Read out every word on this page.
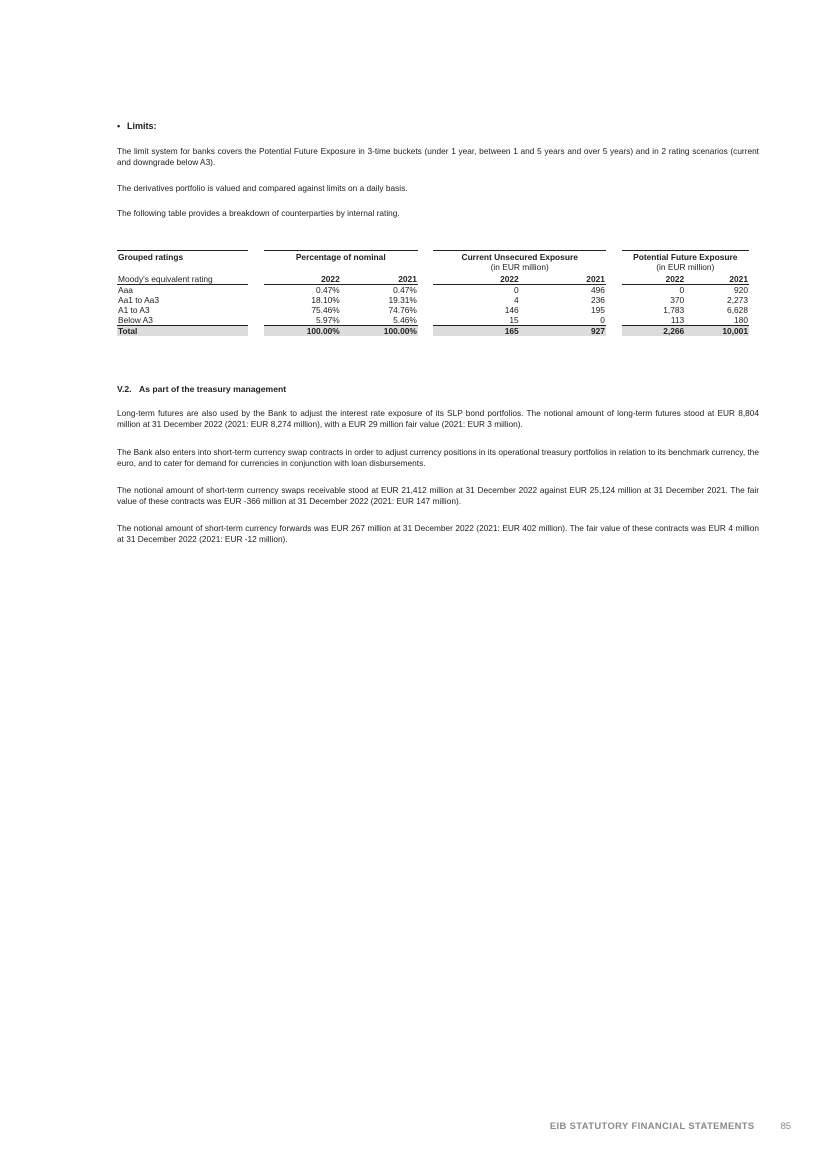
• Limits:

The limit system for banks covers the Potential Future Exposure in 3-time buckets (under 1 year, between 1 and 5 years and over 5 years) and in 2 rating scenarios (current and downgrade below A3).

The derivatives portfolio is valued and compared against limits on a daily basis.

The following table provides a breakdown of counterparties by internal rating.

Grouped ratings		Percentage of nominal			Current Unsecured Exposure			Potential Future Exposure	
					(in EUR million)			(in EUR million)	
Moody's equivalent rating		2022	2021		2022	2021		2022	2021
Aaa		0.47%	0.47%		0	496		0	920
Aa1 to Aa3		18.10%	19.31%		4	236		370	2,273
A1 to A3		75.46%	74.76%		146	195		1,783	6,628
Below A3		5.97%	5.46%		15	0		113	180
Total		100.00%	100.00%		165	927		2,266	10,001
V.2. As part of the treasury management

Long-term futures are also used by the Bank to adjust the interest rate exposure of its SLP bond portfolios. The notional amount of long-term futures stood at EUR 8,804 million at 31 December 2022 (2021: EUR 8,274 million), with a EUR 29 million fair value (2021: EUR 3 million).

The Bank also enters into short-term currency swap contracts in order to adjust currency positions in its operational treasury portfolios in relation to its benchmark currency, the euro, and to cater for demand for currencies in conjunction with loan disbursements.

The notional amount of short-term currency swaps receivable stood at EUR 21,412 million at 31 December 2022 against EUR 25,124 million at 31 December 2021. The fair value of these contracts was EUR -366 million at 31 December 2022 (2021: EUR 147 million).

The notional amount of short-term currency forwards was EUR 267 million at 31 December 2022 (2021: EUR 402 million). The fair value of these contracts was EUR 4 million at 31 December 2022 (2021: EUR -12 million).

EIB STATUTORY FINANCIAL STATEMENTS	85
